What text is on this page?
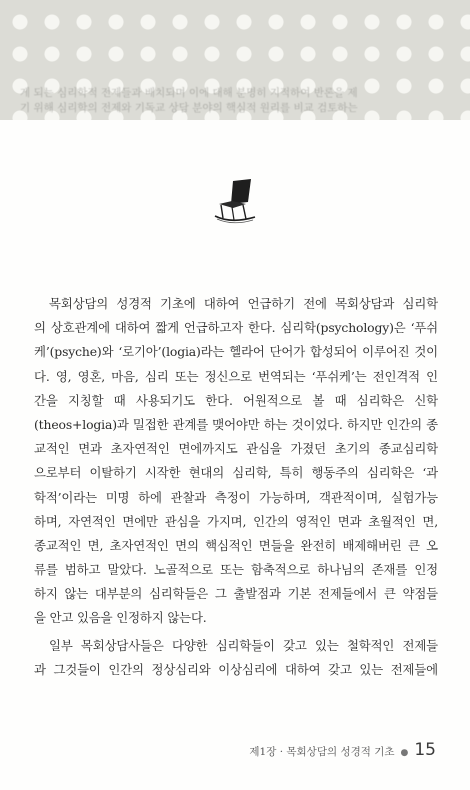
게 되는 심리학적 전제들과 배치되며 이에 대해 분명히 지적하여 반론을 제
기 위해 심리학의 전제와 기독교 상담 분야의 핵심적 원리를 비교 검토하는
목회상담의 성경적 기초에 대하여 언급하기 전에 목회상담과 심리학
의 상호관계에 대하여 짧게 언급하고자 한다. 심리학(psychology)은 ‘푸쉬
케’(psyche)와 ‘로기아’(logia)라는 헬라어 단어가 합성되어 이루어진 것이
다. 영, 영혼, 마음, 심리 또는 정신으로 번역되는 ‘푸쉬케’는 전인격적 인
간을 지칭할 때 사용되기도 한다. 어원적으로 볼 때 심리학은 신학
(theos+logia)과 밀접한 관계를 맺어야만 하는 것이었다. 하지만 인간의 종
교적인 면과 초자연적인 면에까지도 관심을 가졌던 초기의 종교심리학
으로부터 이탈하기 시작한 현대의 심리학, 특히 행동주의 심리학은 ‘과
학적’이라는 미명 하에 관찰과 측정이 가능하며, 객관적이며, 실험가능
하며, 자연적인 면에만 관심을 가지며, 인간의 영적인 면과 초월적인 면,
종교적인 면, 초자연적인 면의 핵심적인 면들을 완전히 배제해버린 큰 오
류를 범하고 말았다. 노골적으로 또는 함축적으로 하나님의 존재를 인정
하지 않는 대부분의 심리학들은 그 출발점과 기본 전제들에서 큰 약점들
을 안고 있음을 인정하지 않는다.
일부 목회상담사들은 다양한 심리학들이 갖고 있는 철학적인 전제들
과 그것들이 인간의 정상심리와 이상심리에 대하여 갖고 있는 전제들에
제1장 · 목회상담의 성경적 기초 ● 15
